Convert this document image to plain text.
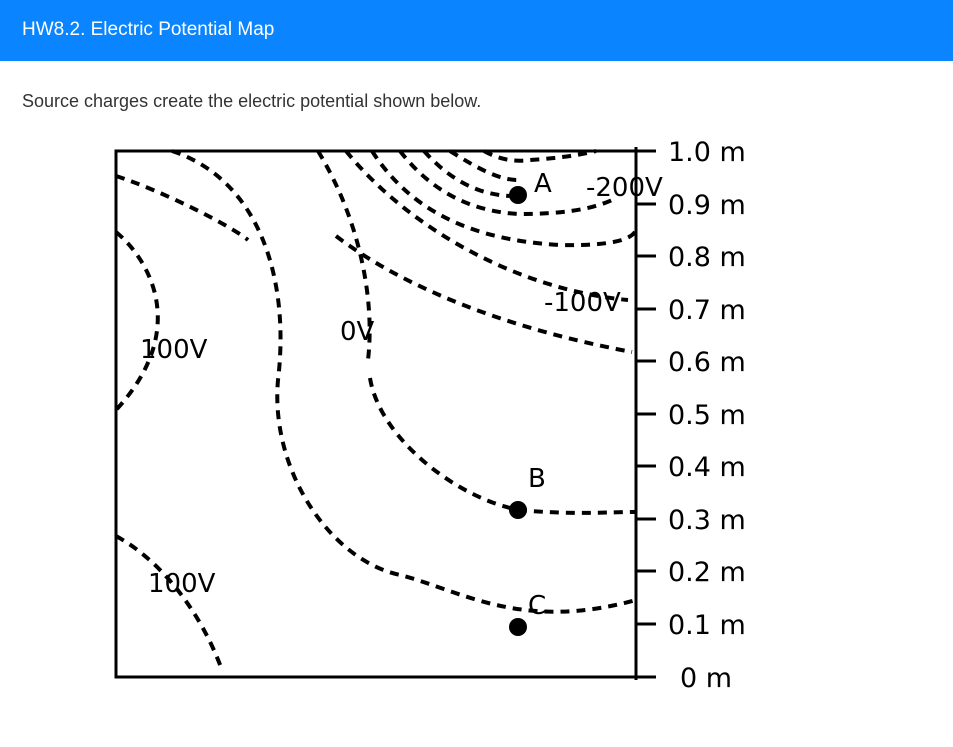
HW8.2. Electric Potential Map
Source charges create the electric potential shown below.
1.0 m
0.9 m
0.8 m
0.7 m
0.6 m
0.5 m
0.4 m
0.3 m
0.2 m
0.1 m
0 m
-200V
-100V
0V
100V
100V
A
B
C
